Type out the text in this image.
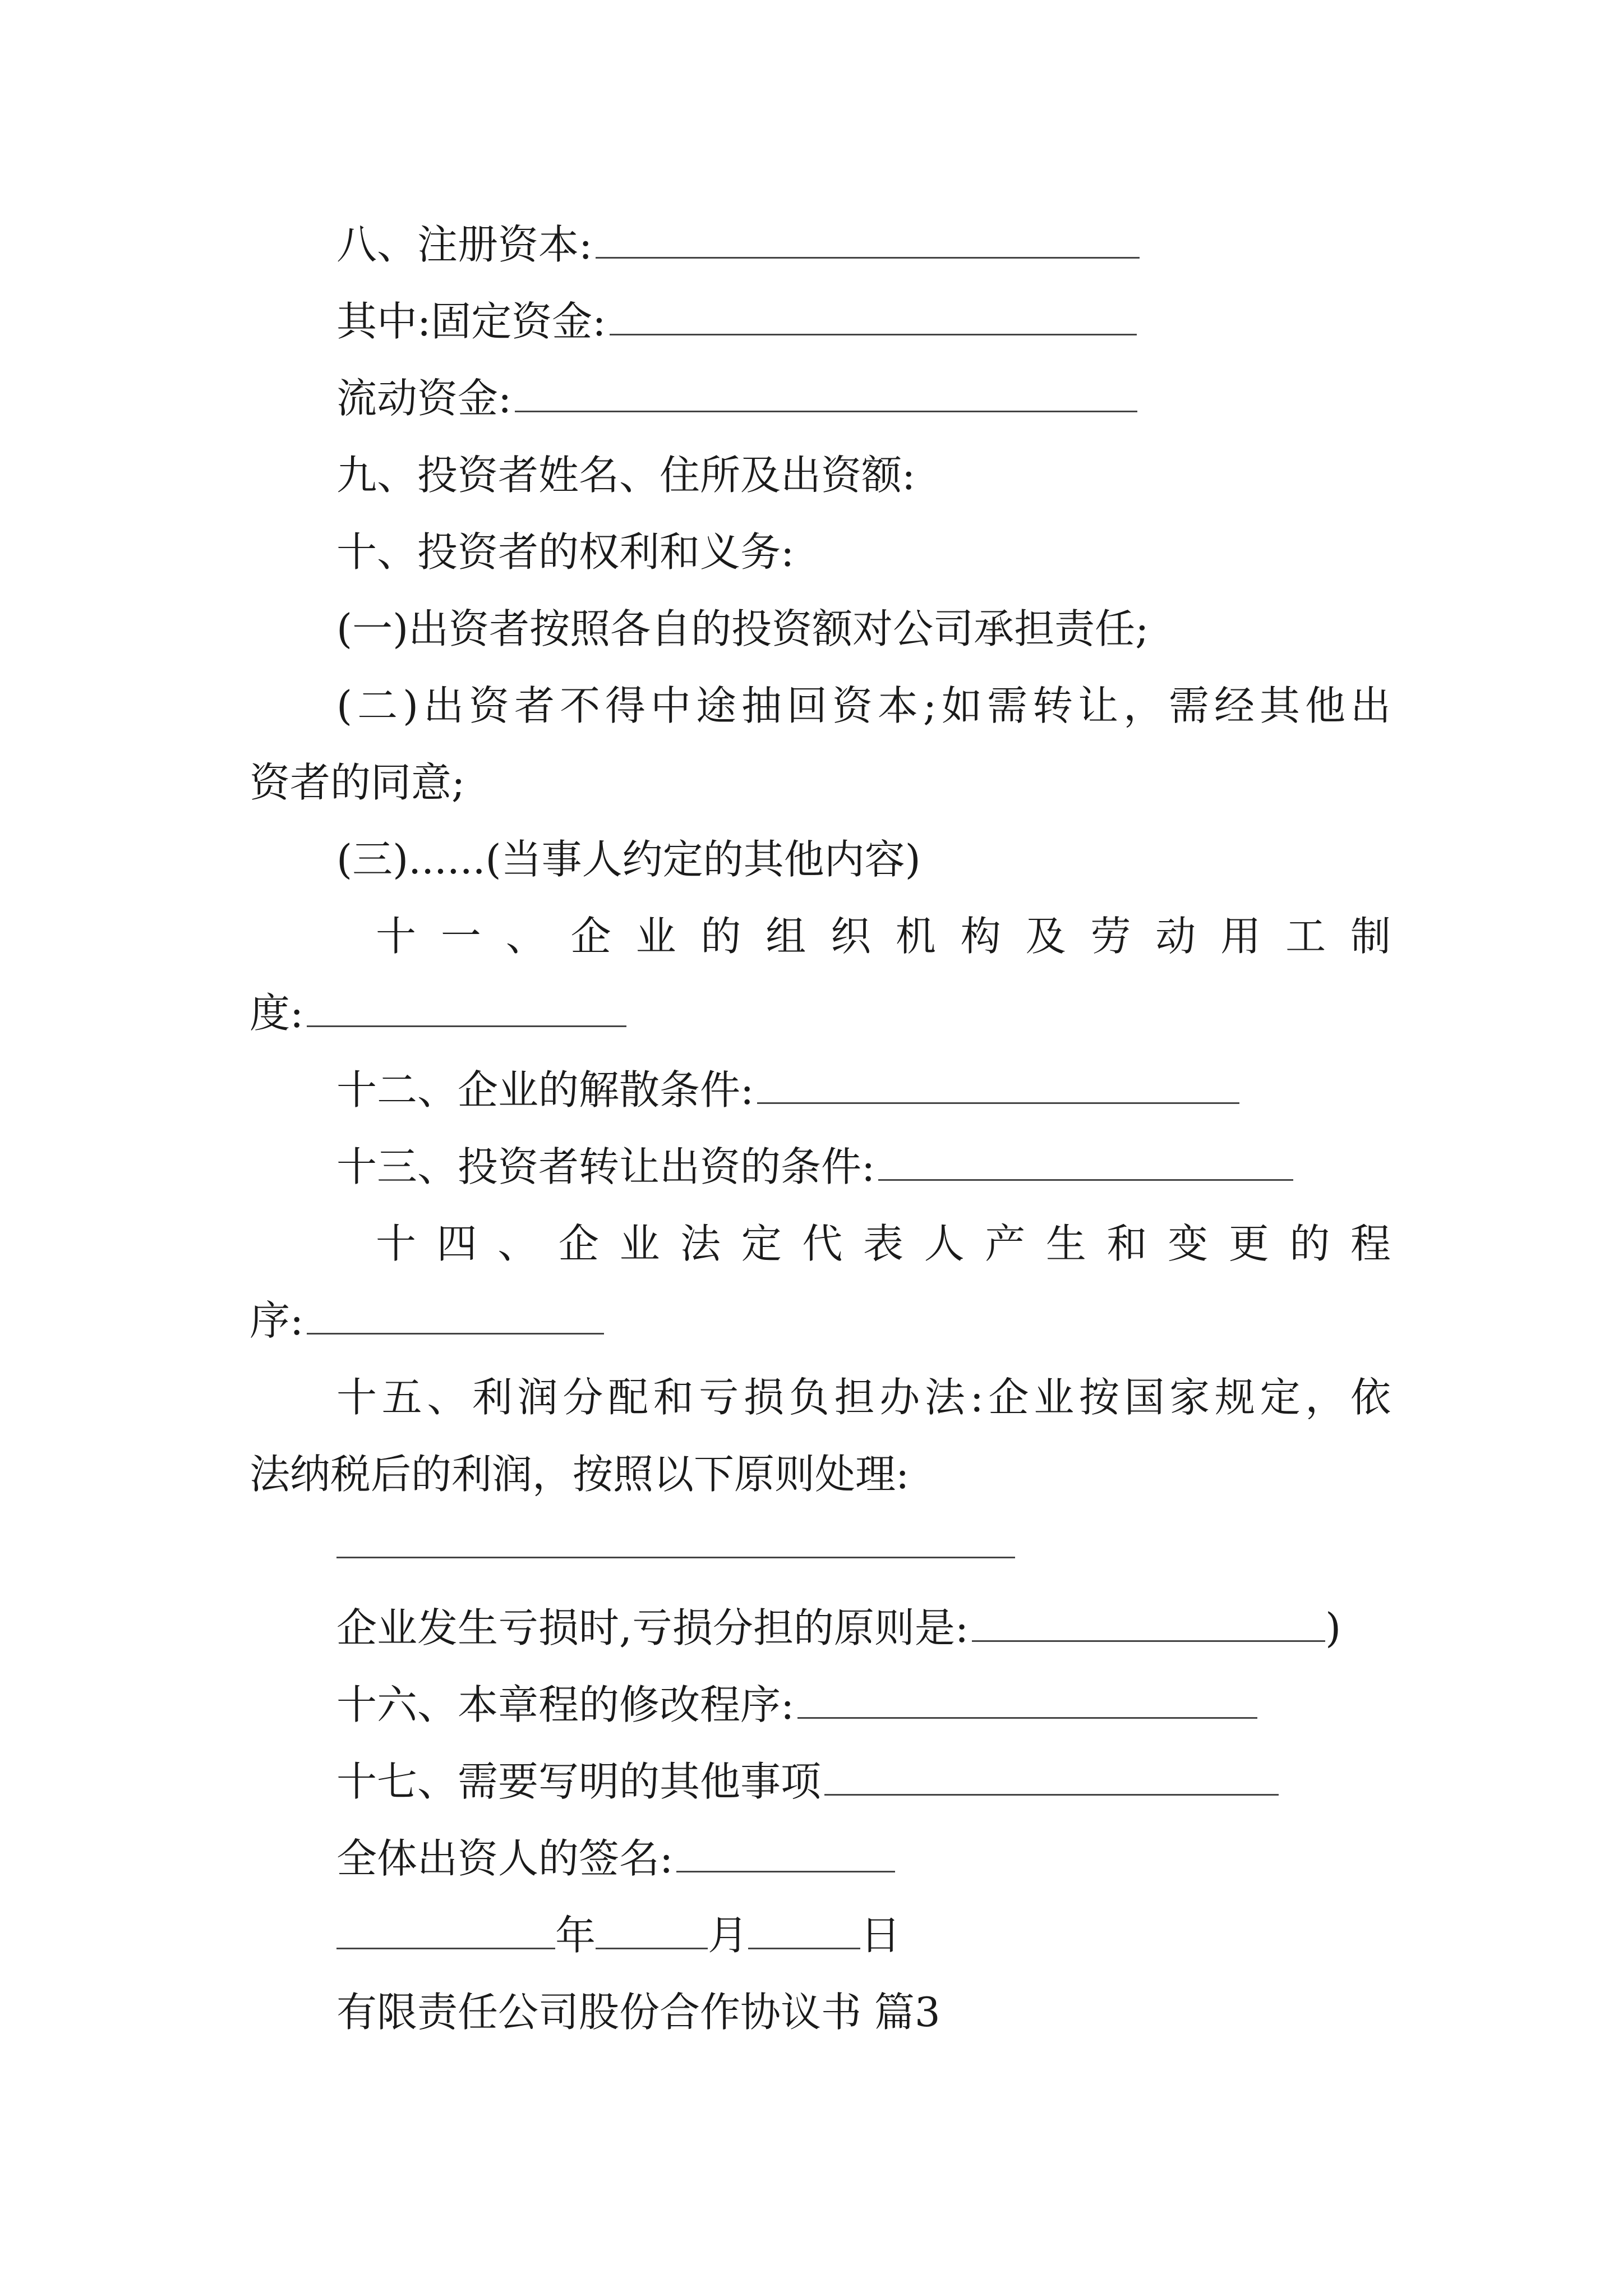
八、注册资本:
其中:固定资金:
流动资金:
九、投资者姓名、住所及出资额:
十、投资者的权利和义务:
(一)出资者按照各自的投资额对公司承担责任;
(二)出资者不得中途抽回资本;如需转让，需经其他出
资者的同意;
(三)......(当事人约定的其他内容)
十一、企业的组织机构及劳动用工制
度:
十二、企业的解散条件:
十三、投资者转让出资的条件:
十四、企业法定代表人产生和变更的程
序:
十五、利润分配和亏损负担办法:企业按国家规定，依
法纳税后的利润，按照以下原则处理:
企业发生亏损时,亏损分担的原则是:	)
十六、本章程的修改程序:
十七、需要写明的其他事项
全体出资人的签名:
年	月	日
有限责任公司股份合作协议书 篇3
